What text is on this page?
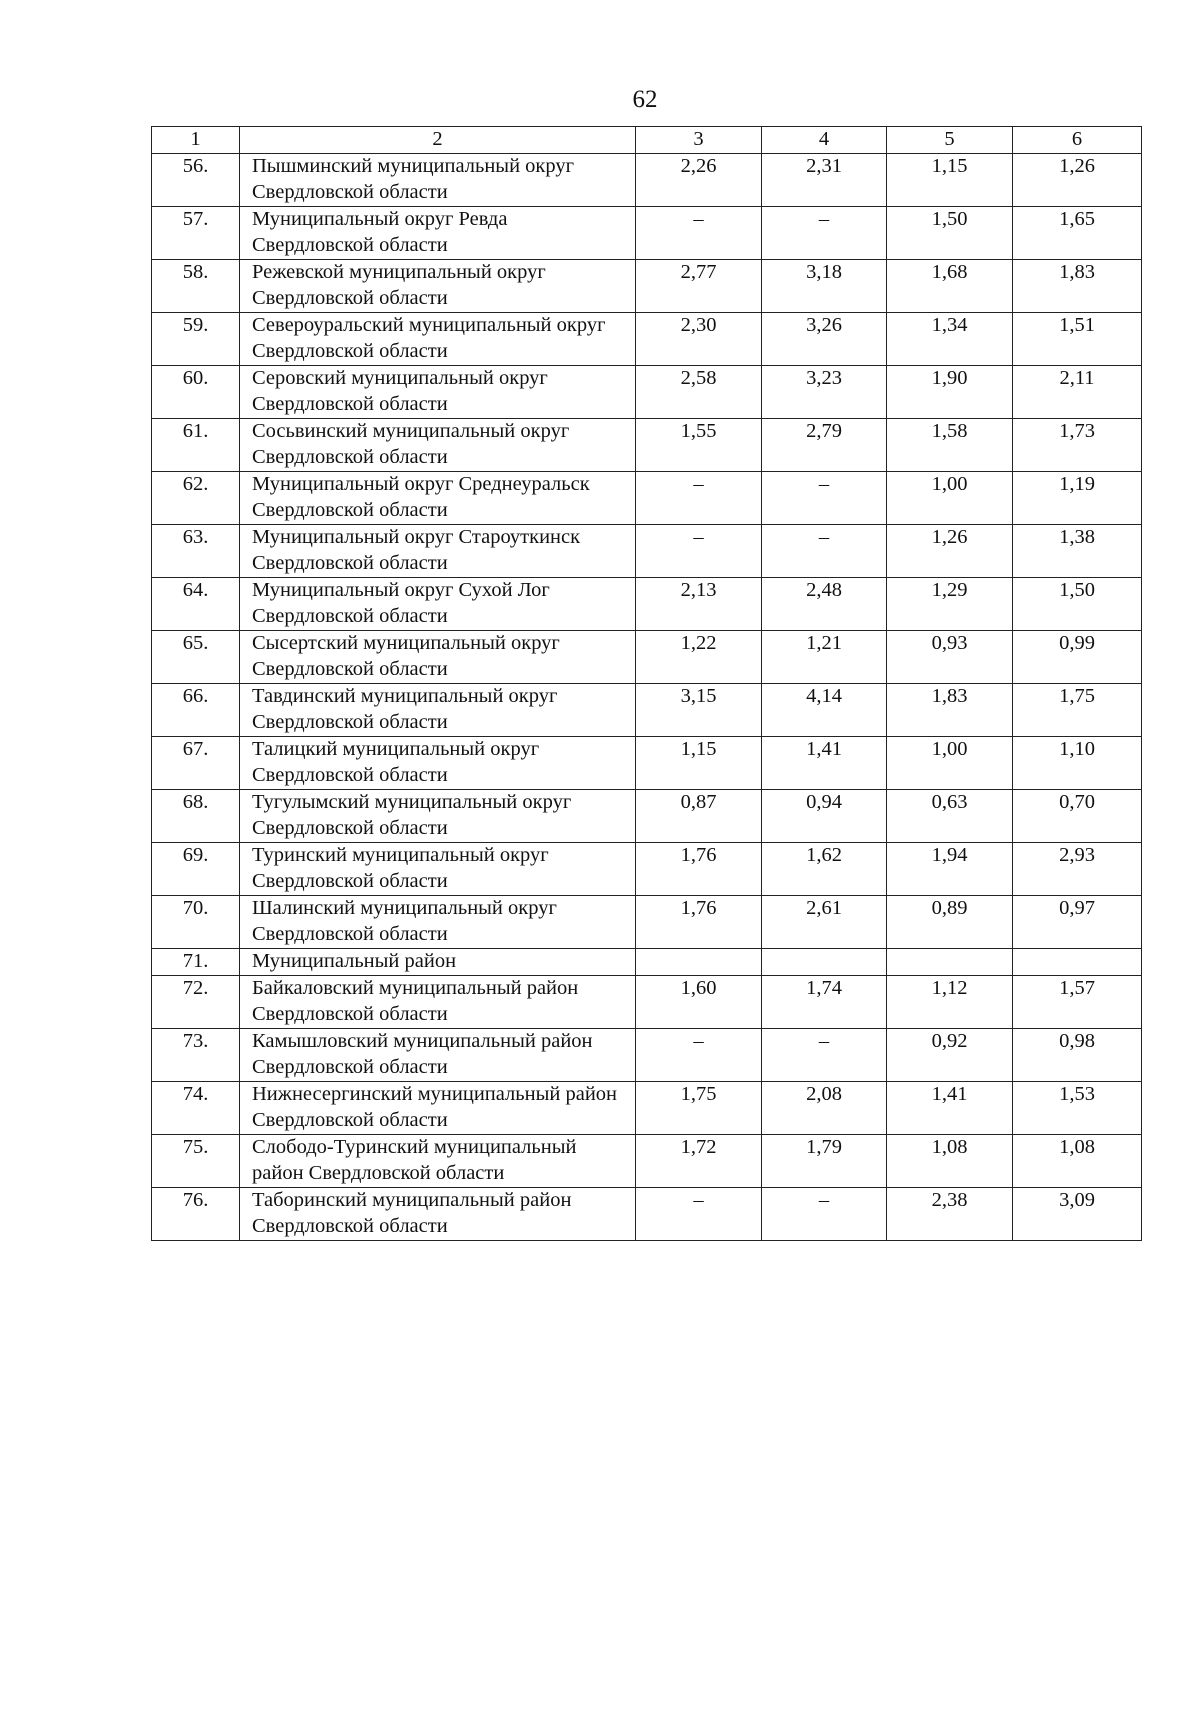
62
1	2	3	4	5	6
56.	Пышминский муниципальный округ Свердловской области	2,26	2,31	1,15	1,26
57.	Муниципальный округ Ревда Свердловской области	–	–	1,50	1,65
58.	Режевской муниципальный округ Свердловской области	2,77	3,18	1,68	1,83
59.	Североуральский муниципальный округ Свердловской области	2,30	3,26	1,34	1,51
60.	Серовский муниципальный округ Свердловской области	2,58	3,23	1,90	2,11
61.	Сосьвинский муниципальный округ Свердловской области	1,55	2,79	1,58	1,73
62.	Муниципальный округ Среднеуральск Свердловской области	–	–	1,00	1,19
63.	Муниципальный округ Староуткинск Свердловской области	–	–	1,26	1,38
64.	Муниципальный округ Сухой Лог Свердловской области	2,13	2,48	1,29	1,50
65.	Сысертский муниципальный округ Свердловской области	1,22	1,21	0,93	0,99
66.	Тавдинский муниципальный округ Свердловской области	3,15	4,14	1,83	1,75
67.	Талицкий муниципальный округ Свердловской области	1,15	1,41	1,00	1,10
68.	Тугулымский муниципальный округ Свердловской области	0,87	0,94	0,63	0,70
69.	Туринский муниципальный округ Свердловской области	1,76	1,62	1,94	2,93
70.	Шалинский муниципальный округ Свердловской области	1,76	2,61	0,89	0,97
71.	Муниципальный район				
72.	Байкаловский муниципальный район Свердловской области	1,60	1,74	1,12	1,57
73.	Камышловский муниципальный район Свердловской области	–	–	0,92	0,98
74.	Нижнесергинский муниципальный район Свердловской области	1,75	2,08	1,41	1,53
75.	Слободо-Туринский муниципальный район Свердловской области	1,72	1,79	1,08	1,08
76.	Таборинский муниципальный район Свердловской области	–	–	2,38	3,09
